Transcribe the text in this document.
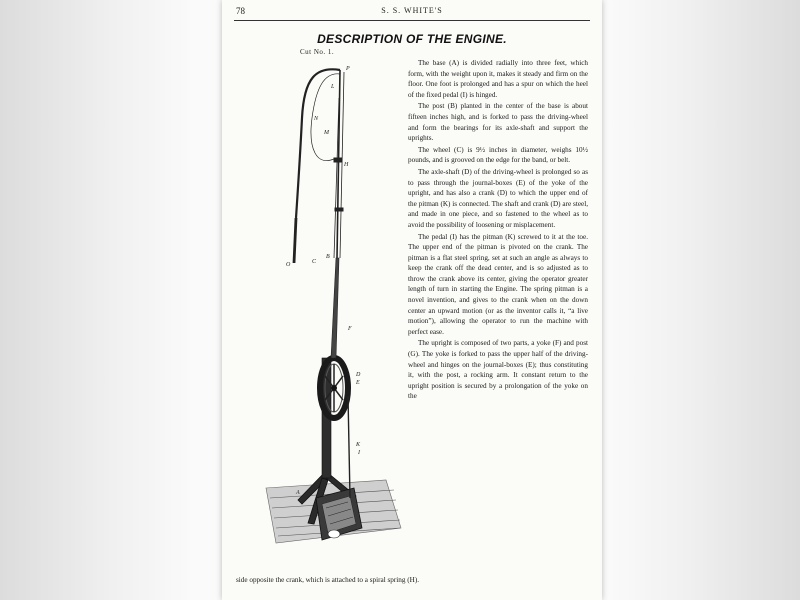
78	S. S. WHITE'S
DESCRIPTION OF THE ENGINE.
Cut No. 1.
P
L
N
M
H
C
B
F
O
D
E
K
A
I

The base (A) is divided radially into three feet, which form, with the weight upon it, makes it steady and firm on the floor. One foot is prolonged and has a spur on which the heel of the fixed pedal (I) is hinged.

The post (B) planted in the center of the base is about fifteen inches high, and is forked to pass the driving-wheel and form the bearings for its axle-shaft and support the uprights.

The wheel (C) is 9½ inches in diameter, weighs 10½ pounds, and is grooved on the edge for the band, or belt.

The axle-shaft (D) of the driving-wheel is prolonged so as to pass through the journal-boxes (E) of the yoke of the upright, and has also a crank (D) to which the upper end of the pitman (K) is connected. The shaft and crank (D) are steel, and made in one piece, and so fastened to the wheel as to avoid the possibility of loosening or misplacement.

The pedal (I) has the pitman (K) screwed to it at the toe. The upper end of the pitman is pivoted on the crank. The pitman is a flat steel spring, set at such an angle as always to keep the crank off the dead center, and is so adjusted as to throw the crank above its center, giving the operator greater length of turn in starting the Engine. The spring pitman is a novel invention, and gives to the crank when on the down center an upward motion (or as the inventor calls it, “a live motion”), allowing the operator to run the machine with perfect ease.

The upright is composed of two parts, a yoke (F) and post (G). The yoke is forked to pass the upper half of the driving-wheel and hinges on the journal-boxes (E); thus constituting it, with the post, a rocking arm. It constant return to the upright position is secured by a prolongation of the yoke on the

side opposite the crank, which is attached to a spiral spring (H).
